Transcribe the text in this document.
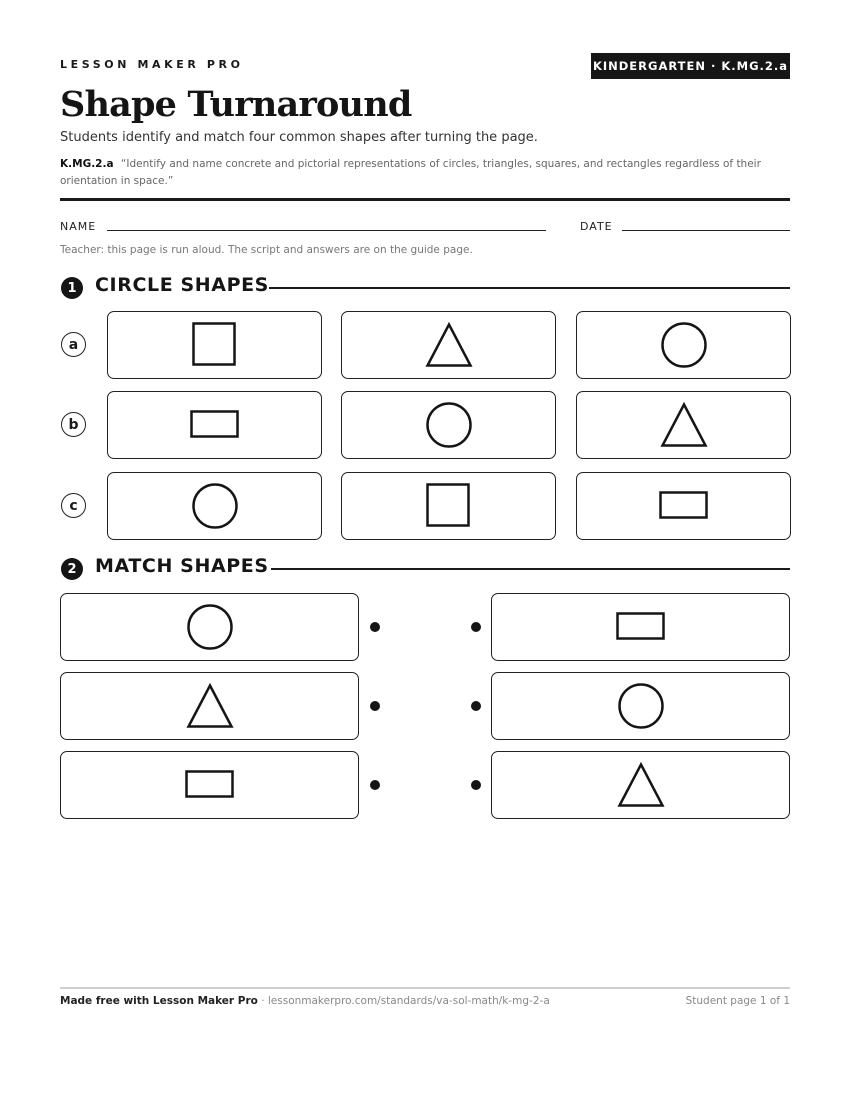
LESSON MAKER PRO	KINDERGARTEN · K.MG.2.a
Shape Turnaround
Students identify and match four common shapes after turning the page.
K.MG.2.a “Identify and name concrete and pictorial representations of circles, triangles, squares, and rectangles regardless of their orientation in space.”
NAME	DATE
Teacher: this page is run aloud. The script and answers are on the guide page.
1 CIRCLE SHAPES
a
b
c
2 MATCH SHAPES
Made free with Lesson Maker Pro · lessonmakerpro.com/standards/va-sol-math/k-mg-2-a	Student page 1 of 1
